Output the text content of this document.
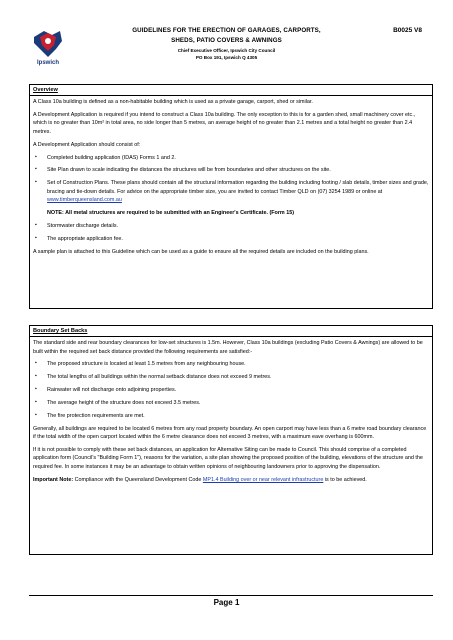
Ipswich
B0025 V8
GUIDELINES FOR THE ERECTION OF GARAGES, CARPORTS,
SHEDS, PATIO COVERS & AWNINGS
Chief Executive Officer, Ipswich City Council
PO Box 191, Ipswich Q 4305
Overview

A Class 10a building is defined as a non-habitable building which is used as a private garage, carport, shed or similar.

A Development Application is required if you intend to construct a Class 10a building. The only exception to this is for a garden shed, small machinery cover etc., which is no greater than 10m² in total area, no side longer than 5 metres, an average height of no greater than 2.1 metres and a total height no greater than 2.4 metres.

A Development Application should consist of:

▪ Completed building application (IDAS) Forms 1 and 2.
▪ Site Plan drawn to scale indicating the distances the structures will be from boundaries and other structures on the site.
▪ Set of Construction Plans. These plans should contain all the structural information regarding the building including footing / slab details, timber sizes and grade, bracing and tie-down details. For advice on the appropriate timber size, you are invited to contact Timber QLD on (07) 3254 1989 or online at
www.timberqueensland.com.au

NOTE: All metal structures are required to be submitted with an Engineer's Certificate. (Form 15)

▪ Stormwater discharge details.
▪ The appropriate application fee.

A sample plan is attached to this Guideline which can be used as a guide to ensure all the required details are included on the building plans.

Boundary Set Backs

The standard side and rear boundary clearances for low-set structures is 1.5m. However, Class 10a buildings (excluding Patio Covers & Awnings) are allowed to be built within the required set back distance provided the following requirements are satisfied:-

▪ The proposed structure is located at least 1.5 metres from any neighbouring house.
▪ The total lengths of all buildings within the normal setback distance does not exceed 9 metres.
▪ Rainwater will not discharge onto adjoining properties.
▪ The average height of the structure does not exceed 3.5 metres.
▪ The fire protection requirements are met.

Generally, all buildings are required to be located 6 metres from any road property boundary. An open carport may have less than a 6 metre road boundary clearance if the total width of the open carport located within the 6 metre clearance does not exceed 3 metres, with a maximum eave overhang is 600mm.

If it is not possible to comply with these set back distances, an application for Alternative Siting can be made to Council. This should comprise of a completed application form (Council's "Building Form 1"), reasons for the variation, a site plan showing the proposed position of the building, elevations of the structure and the required fee. In some instances it may be an advantage to obtain written opinions of neighbouring landowners prior to approving the dispensation.

Important Note: Compliance with the Queensland Development Code MP1.4 Building over or near relevant infrastructure is to be achieved.

Page 1
